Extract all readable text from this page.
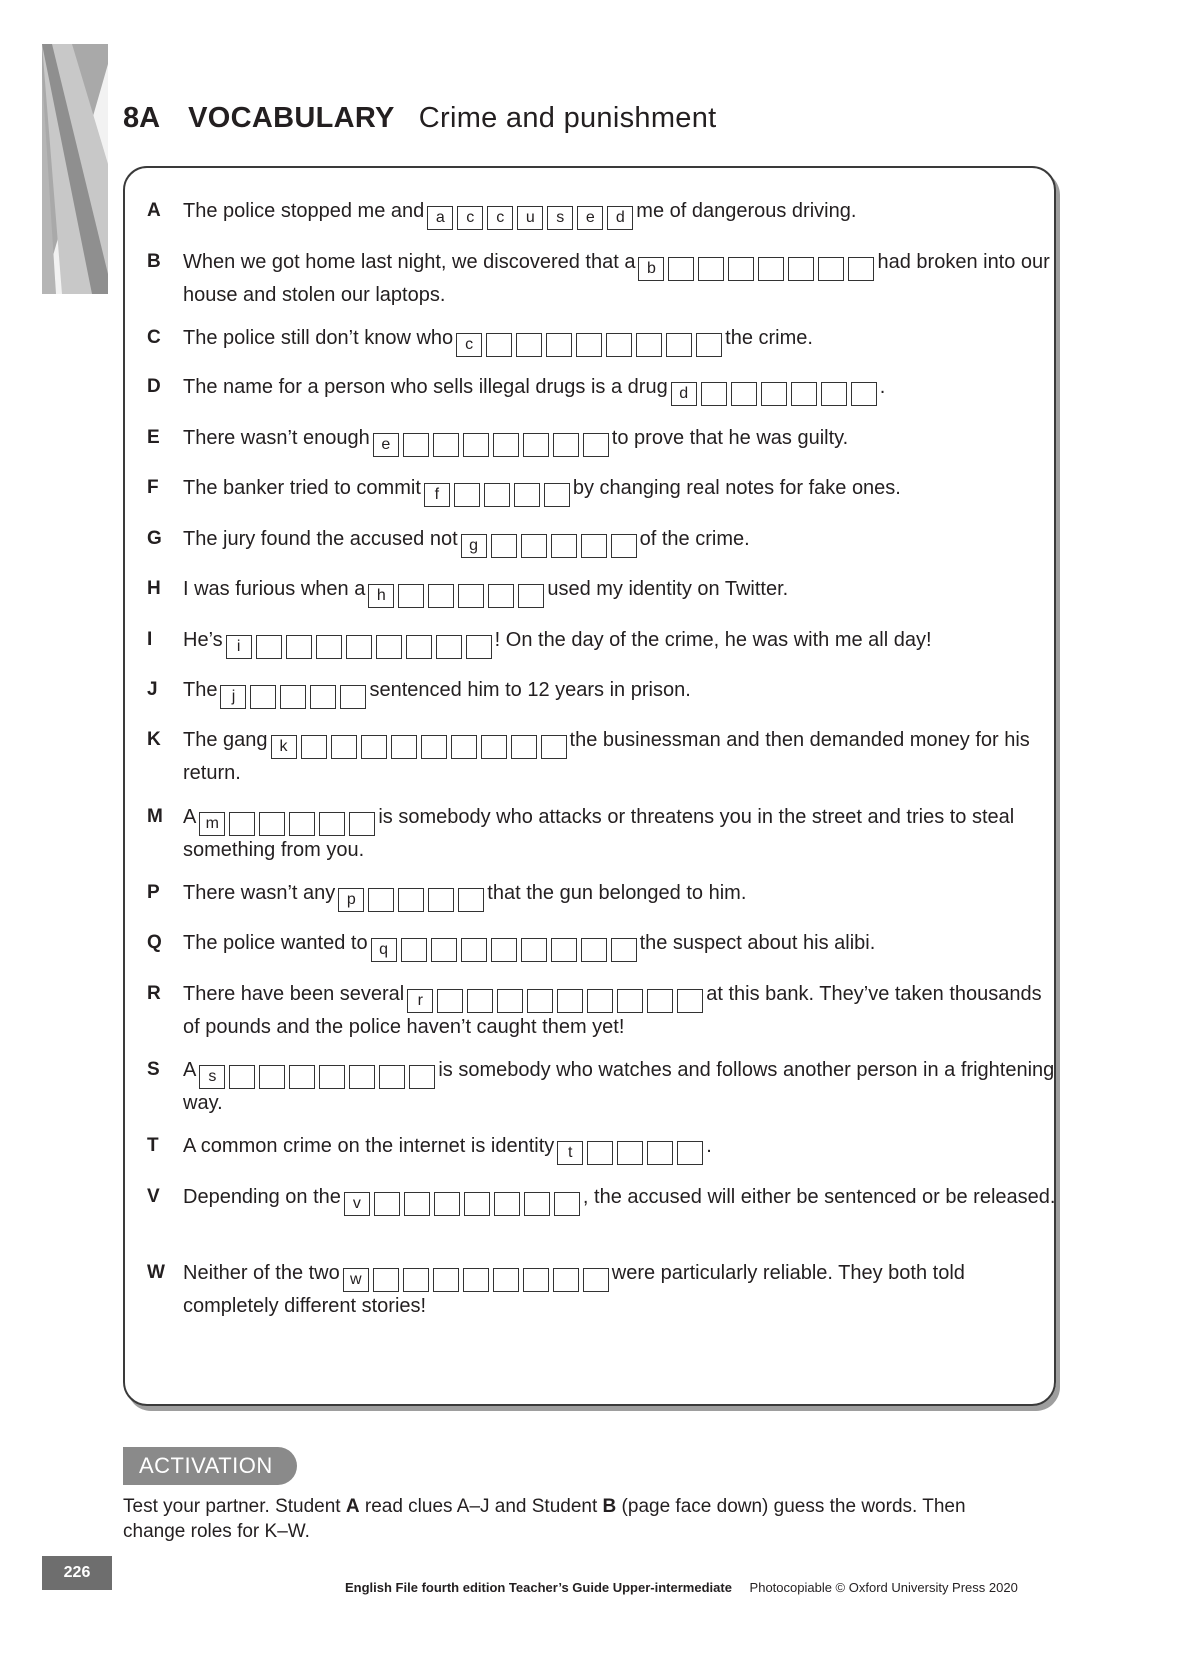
8A VOCABULARY Crime and punishment
A The police stopped me and a	c	c	u	s	e	d me of dangerous driving.
B When we got home last night, we discovered that a b	had broken into our house and stolen our laptops.
C The police still don’t know who c	the crime.
D The name for a person who sells illegal drugs is a drug d	.
E There wasn’t enough e	to prove that he was guilty.
F The banker tried to commit f	by changing real notes for fake ones.
G The jury found the accused not g	of the crime.
H I was furious when a h	used my identity on Twitter.
I He’s i	! On the day of the crime, he was with me all day!
J The j	sentenced him to 12 years in prison.
K The gang k	the businessman and then demanded money for his return.
M A m	is somebody who attacks or threatens you in the street and tries to steal something from you.
P There wasn’t any p	that the gun belonged to him.
Q The police wanted to q	the suspect about his alibi.
R There have been several r	at this bank. They’ve taken thousands of pounds and the police haven’t caught them yet!
S A s	is somebody who watches and follows another person in a frightening way.
T A common crime on the internet is identity t	.
V Depending on the v	, the accused will either be sentenced or be released.
W Neither of the two w	were particularly reliable. They both told completely different stories!
ACTIVATION
Test your partner. Student A read clues A–J and Student B (page face down) guess the words. Then change roles for K–W.
226
English File fourth edition Teacher’s Guide Upper-intermediate Photocopiable © Oxford University Press 2020
